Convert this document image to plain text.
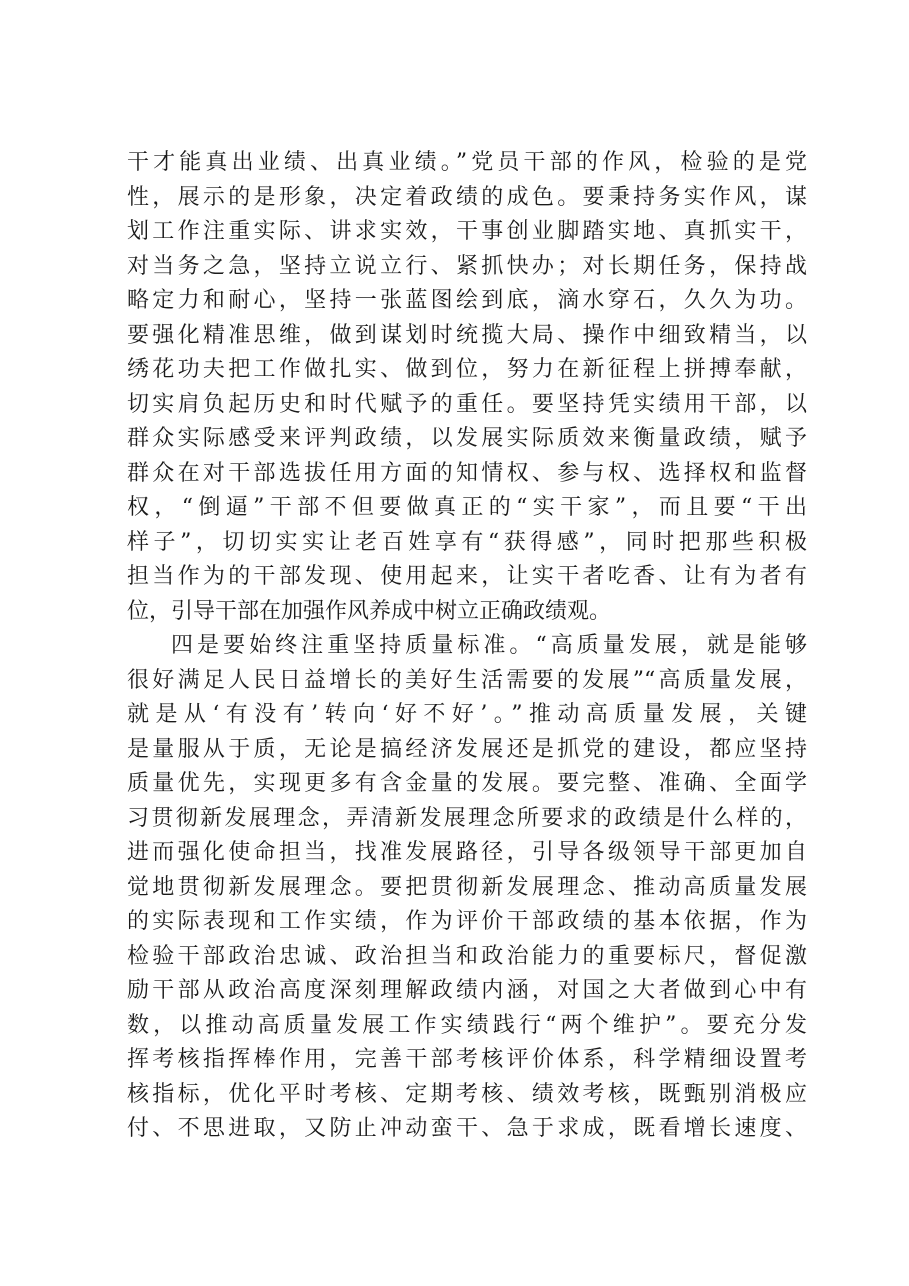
干才能真出业绩、出真业绩。”党员干部的作风，检验的是党
性，展示的是形象，决定着政绩的成色。要秉持务实作风，谋
划工作注重实际、讲求实效，干事创业脚踏实地、真抓实干，
对当务之急，坚持立说立行、紧抓快办；对长期任务，保持战
略定力和耐心，坚持一张蓝图绘到底，滴水穿石，久久为功。
要强化精准思维，做到谋划时统揽大局、操作中细致精当，以
绣花功夫把工作做扎实、做到位，努力在新征程上拼搏奉献，
切实肩负起历史和时代赋予的重任。要坚持凭实绩用干部，以
群众实际感受来评判政绩，以发展实际质效来衡量政绩，赋予
群众在对干部选拔任用方面的知情权、参与权、选择权和监督
权，“倒逼”干部不但要做真正的“实干家”，而且要“干出
样子”，切切实实让老百姓享有“获得感”，同时把那些积极
担当作为的干部发现、使用起来，让实干者吃香、让有为者有
位，引导干部在加强作风养成中树立正确政绩观。
四是要始终注重坚持质量标准。“高质量发展，就是能够
很好满足人民日益增长的美好生活需要的发展”“高质量发展，
就是从‘有没有’转向‘好不好’。”推动高质量发展，关键
是量服从于质，无论是搞经济发展还是抓党的建设，都应坚持
质量优先，实现更多有含金量的发展。要完整、准确、全面学
习贯彻新发展理念，弄清新发展理念所要求的政绩是什么样的，
进而强化使命担当，找准发展路径，引导各级领导干部更加自
觉地贯彻新发展理念。要把贯彻新发展理念、推动高质量发展
的实际表现和工作实绩，作为评价干部政绩的基本依据，作为
检验干部政治忠诚、政治担当和政治能力的重要标尺，督促激
励干部从政治高度深刻理解政绩内涵，对国之大者做到心中有
数，以推动高质量发展工作实绩践行“两个维护”。要充分发
挥考核指挥棒作用，完善干部考核评价体系，科学精细设置考
核指标，优化平时考核、定期考核、绩效考核，既甄别消极应
付、不思进取，又防止冲动蛮干、急于求成，既看增长速度、
